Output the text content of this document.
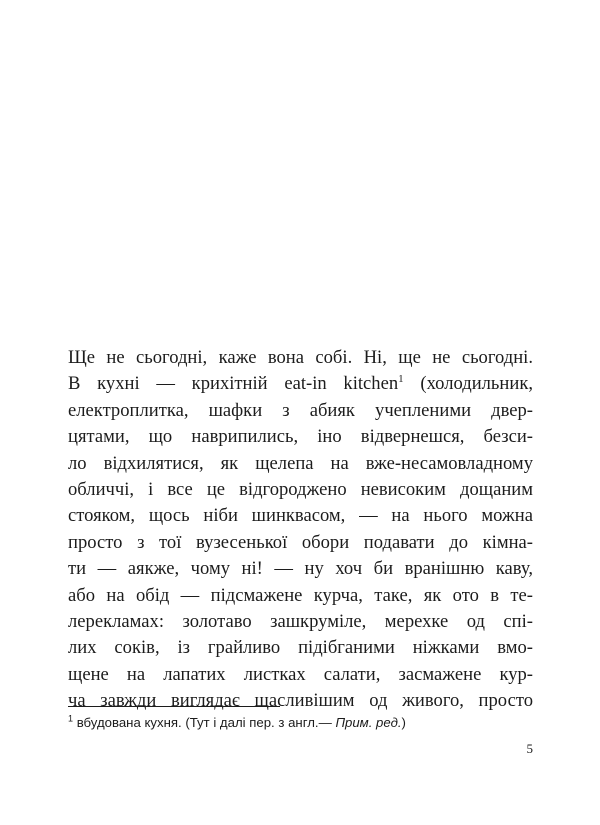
Ще не сьогодні, каже вона собі. Ні, ще не сьогодні.
В кухні — крихітній eat-in kitchen$^1$ (холодильник,
електроплитка, шафки з абияк учепленими двер-
цятами, що наврипились, іно відвернешся, безси-
ло відхилятися, як щелепа на вже-несамовладному
обличчі, і все це відгороджено невисоким дощаним
стояком, щось ніби шинквасом, — на нього можна
просто з тої вузесенької обори подавати до кімна-
ти — аякже, чому ні! — ну хоч би вранішню каву,
або на обід — підсмажене курча, таке, як ото в те-
лерекламах: золотаво зашкруміле, мерехке од спі-
лих соків, із грайливо підібганими ніжками вмо-
щене на лапатих листках салати, засмажене кур-
ча завжди виглядає щасливішим од живого, просто
$^1$ вбудована кухня. (Тут і далі пер. з англ.— Прим. ред.)
5
